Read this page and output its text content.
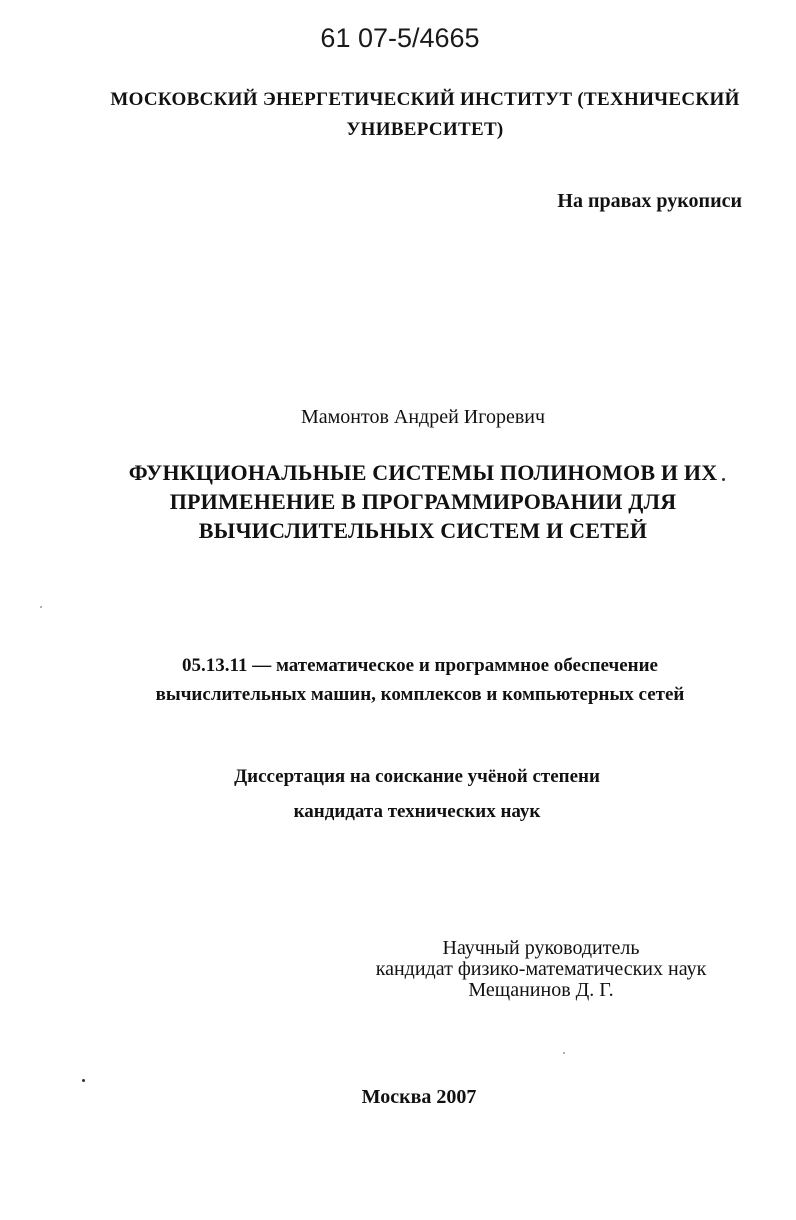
61 07-5/4665
МОСКОВСКИЙ ЭНЕРГЕТИЧЕСКИЙ ИНСТИТУТ (ТЕХНИЧЕСКИЙ
УНИВЕРСИТЕТ)
На правах рукописи
Мамонтов Андрей Игоревич
ФУНКЦИОНАЛЬНЫЕ СИСТЕМЫ ПОЛИНОМОВ И ИХ
ПРИМЕНЕНИЕ В ПРОГРАММИРОВАНИИ ДЛЯ
ВЫЧИСЛИТЕЛЬНЫХ СИСТЕМ И СЕТЕЙ
05.13.11 — математическое и программное обеспечение
вычислительных машин, комплексов и компьютерных сетей
Диссертация на соискание учёной степени
кандидата технических наук
Научный руководитель
кандидат физико-математических наук
Мещанинов Д. Г.
Москва 2007
